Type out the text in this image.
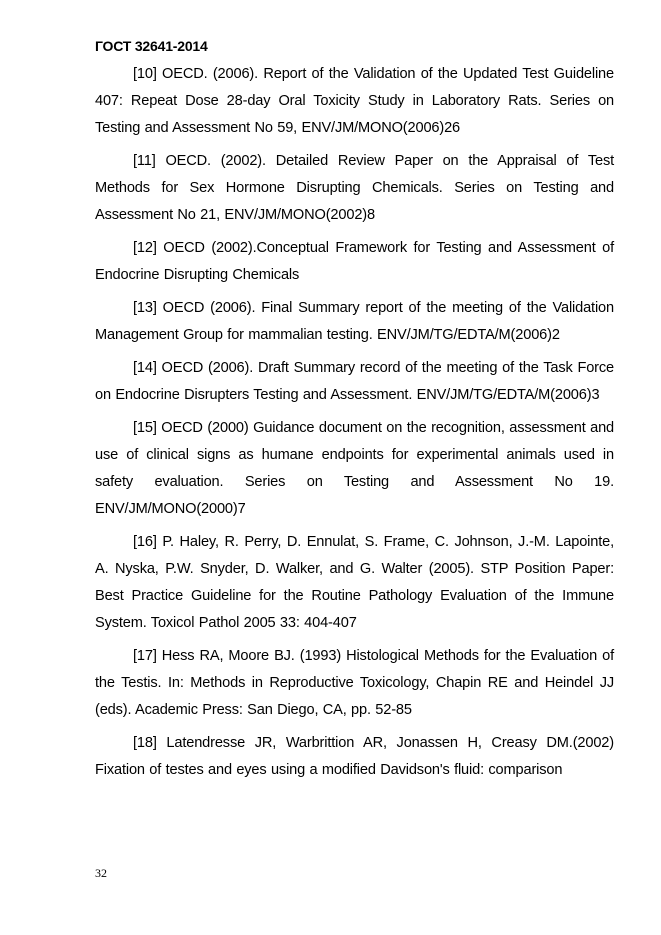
ГОСТ 32641-2014

[10] OECD. (2006). Report of the Validation of the Updated Test Guideline 407: Repeat Dose 28-day Oral Toxicity Study in Laboratory Rats. Series on Testing and Assessment No 59, ENV/JM/MONO(2006)26

[11] OECD. (2002). Detailed Review Paper on the Appraisal of Test Methods for Sex Hormone Disrupting Chemicals. Series on Testing and Assessment No 21, ENV/JM/MONO(2002)8

[12] OECD (2002).Conceptual Framework for Testing and Assessment of Endocrine Disrupting Chemicals

[13] OECD (2006). Final Summary report of the meeting of the Validation Management Group for mammalian testing. ENV/JM/TG/EDTA/M(2006)2

[14] OECD (2006). Draft Summary record of the meeting of the Task Force on Endocrine Disrupters Testing and Assessment. ENV/JM/TG/EDTA/M(2006)3

[15] OECD (2000) Guidance document on the recognition, assessment and use of clinical signs as humane endpoints for experimental animals used in safety evaluation. Series on Testing and Assessment No 19. ENV/JM/MONO(2000)7

[16] P. Haley, R. Perry, D. Ennulat, S. Frame, C. Johnson, J.-M. Lapointe, A. Nyska, P.W. Snyder, D. Walker, and G. Walter (2005). STP Position Paper: Best Practice Guideline for the Routine Pathology Evaluation of the Immune System. Toxicol Pathol 2005 33: 404-407

[17] Hess RA, Moore BJ. (1993) Histological Methods for the Evaluation of the Testis. In: Methods in Reproductive Toxicology, Chapin RE and Heindel JJ (eds). Academic Press: San Diego, CA, pp. 52-85

[18] Latendresse JR, Warbrittion AR, Jonassen H, Creasy DM.(2002) Fixation of testes and eyes using a modified Davidson's fluid: comparison

32
